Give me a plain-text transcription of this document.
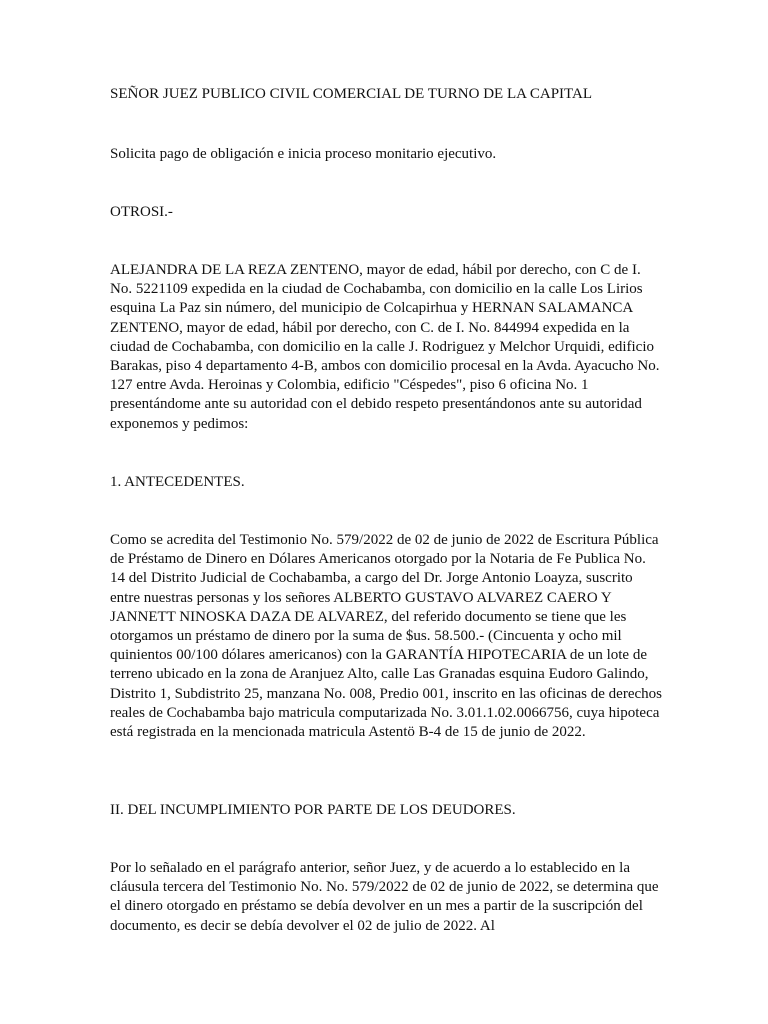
SEÑOR JUEZ PUBLICO CIVIL COMERCIAL DE TURNO DE LA CAPITAL

Solicita pago de obligación e inicia proceso monitario ejecutivo.

OTROSI.-

ALEJANDRA DE LA REZA ZENTENO, mayor de edad, hábil por derecho, con C de I. No. 5221109 expedida en la ciudad de Cochabamba, con domicilio en la calle Los Lirios esquina La Paz sin número, del municipio de Colcapirhua y HERNAN SALAMANCA ZENTENO, mayor de edad, hábil por derecho, con C. de I. No. 844994 expedida en la ciudad de Cochabamba, con domicilio en la calle J. Rodriguez y Melchor Urquidi, edificio Barakas, piso 4 departamento 4-B, ambos con domicilio procesal en la Avda. Ayacucho No. 127 entre Avda. Heroinas y Colombia, edificio "Céspedes", piso 6 oficina No. 1 presentándome ante su autoridad con el debido respeto presentándonos ante su autoridad exponemos y pedimos:

1. ANTECEDENTES.

Como se acredita del Testimonio No. 579/2022 de 02 de junio de 2022 de Escritura Pública de Préstamo de Dinero en Dólares Americanos otorgado por la Notaria de Fe Publica No. 14 del Distrito Judicial de Cochabamba, a cargo del Dr. Jorge Antonio Loayza, suscrito entre nuestras personas y los señores ALBERTO GUSTAVO ALVAREZ CAERO Y JANNETT NINOSKA DAZA DE ALVAREZ, del referido documento se tiene que les otorgamos un préstamo de dinero por la suma de $us. 58.500.- (Cincuenta y ocho mil quinientos 00/100 dólares americanos) con la GARANTÍA HIPOTECARIA de un lote de terreno ubicado en la zona de Aranjuez Alto, calle Las Granadas esquina Eudoro Galindo, Distrito 1, Subdistrito 25, manzana No. 008, Predio 001, inscrito en las oficinas de derechos reales de Cochabamba bajo matricula computarizada No. 3.01.1.02.0066756, cuya hipoteca está registrada en la mencionada matricula Astentö B-4 de 15 de junio de 2022.

II. DEL INCUMPLIMIENTO POR PARTE DE LOS DEUDORES.

Por lo señalado en el parágrafo anterior, señor Juez, y de acuerdo a lo establecido en la cláusula tercera del Testimonio No. No. 579/2022 de 02 de junio de 2022, se determina que el dinero otorgado en préstamo se debía devolver en un mes a partir de la suscripción del documento, es decir se debía devolver el 02 de julio de 2022. Al
